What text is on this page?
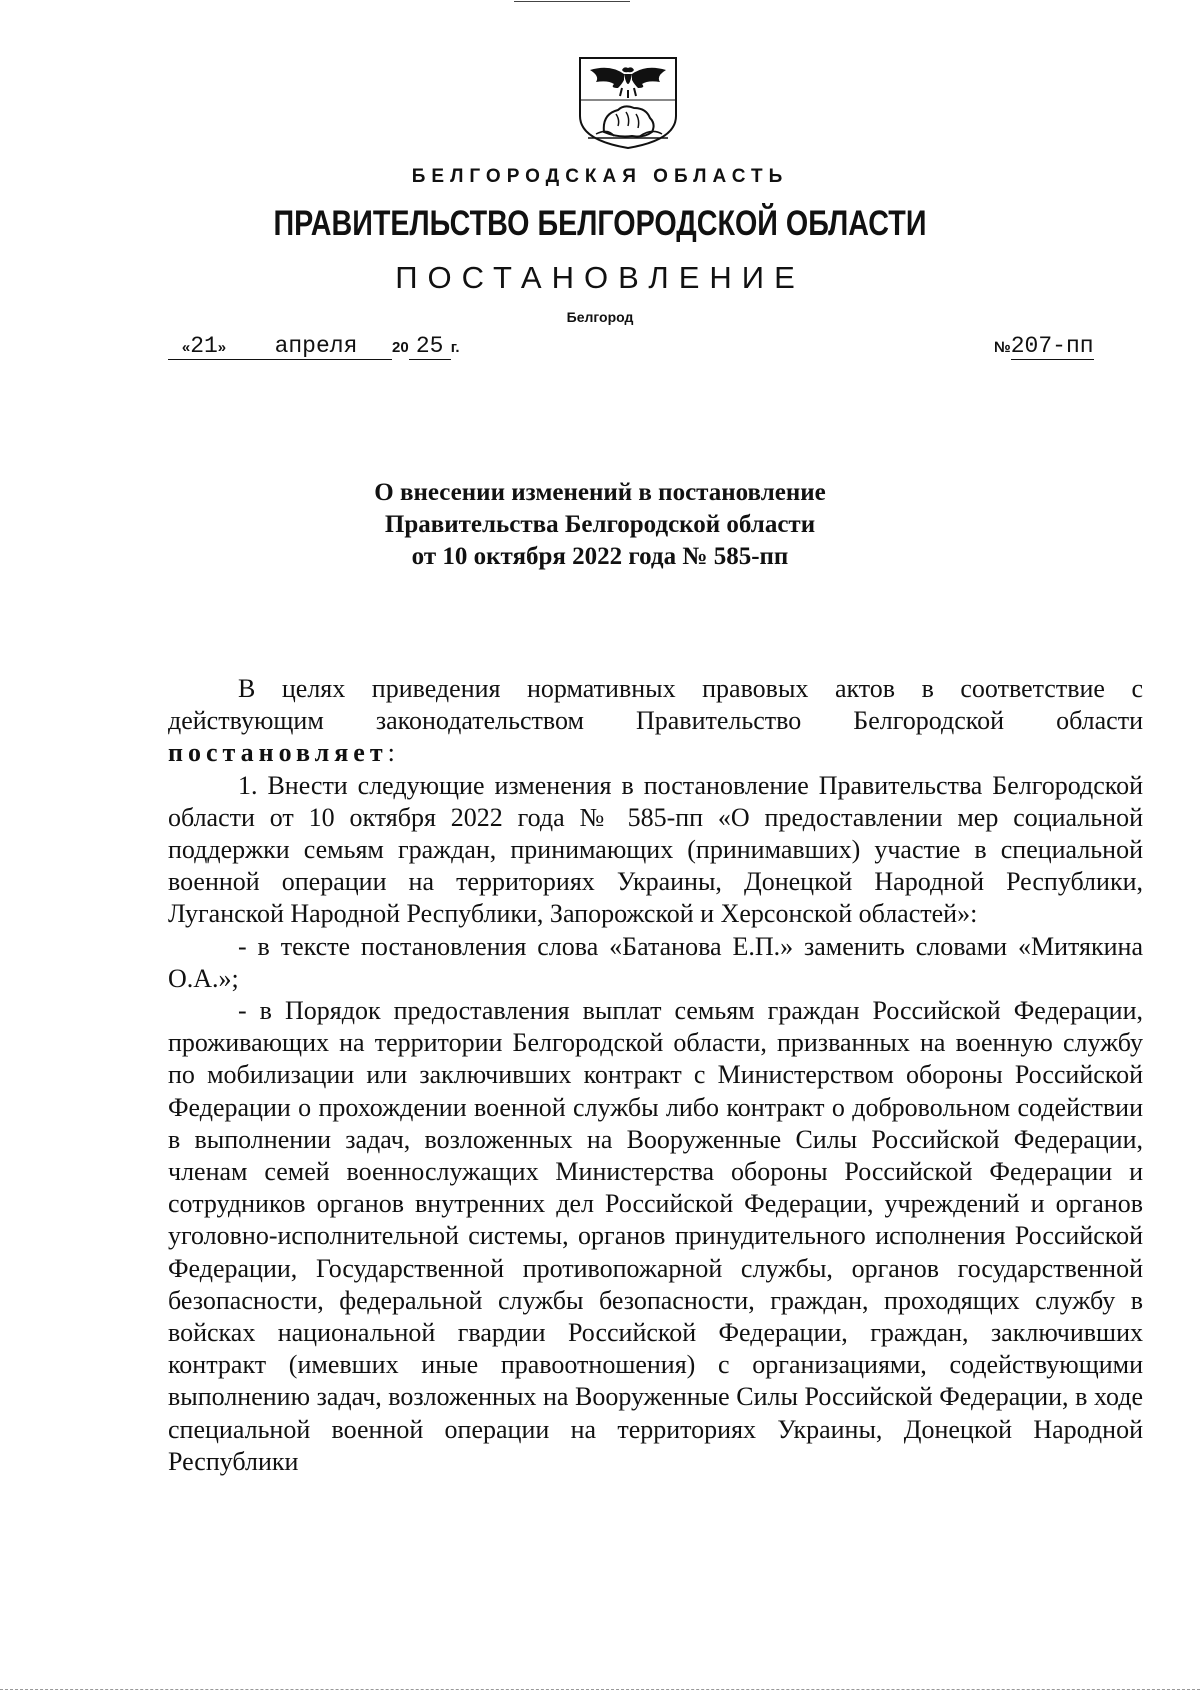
БЕЛГОРОДСКАЯ ОБЛАСТЬ
ПРАВИТЕЛЬСТВО БЕЛГОРОДСКОЙ ОБЛАСТИ
ПОСТАНОВЛЕНИЕ
Белгород
«21» апреля 20 25 г.	№207-пп
О внесении изменений в постановление
Правительства Белгородской области
от 10 октября 2022 года № 585-пп

В целях приведения нормативных правовых актов в соответствие с действующим законодательством Правительство Белгородской области постановляет:

1. Внести следующие изменения в постановление Правительства Белгородской области от 10 октября 2022 года № 585-пп «О предоставлении мер социальной поддержки семьям граждан, принимающих (принимавших) участие в специальной военной операции на территориях Украины, Донецкой Народной Республики, Луганской Народной Республики, Запорожской и Херсонской областей»:

- в тексте постановления слова «Батанова Е.П.» заменить словами «Митякина О.А.»;

- в Порядок предоставления выплат семьям граждан Российской Федерации, проживающих на территории Белгородской области, призванных на военную службу по мобилизации или заключивших контракт с Министерством обороны Российской Федерации о прохождении военной службы либо контракт о добровольном содействии в выполнении задач, возложенных на Вооруженные Силы Российской Федерации, членам семей военнослужащих Министерства обороны Российской Федерации и сотрудников органов внутренних дел Российской Федерации, учреждений и органов уголовно-исполнительной системы, органов принудительного исполнения Российской Федерации, Государственной противопожарной службы, органов государственной безопасности, федеральной службы безопасности, граждан, проходящих службу в войсках национальной гвардии Российской Федерации, граждан, заключивших контракт (имевших иные правоотношения) с организациями, содействующими выполнению задач, возложенных на Вооруженные Силы Российской Федерации, в ходе специальной военной операции на территориях Украины, Донецкой Народной Республики
